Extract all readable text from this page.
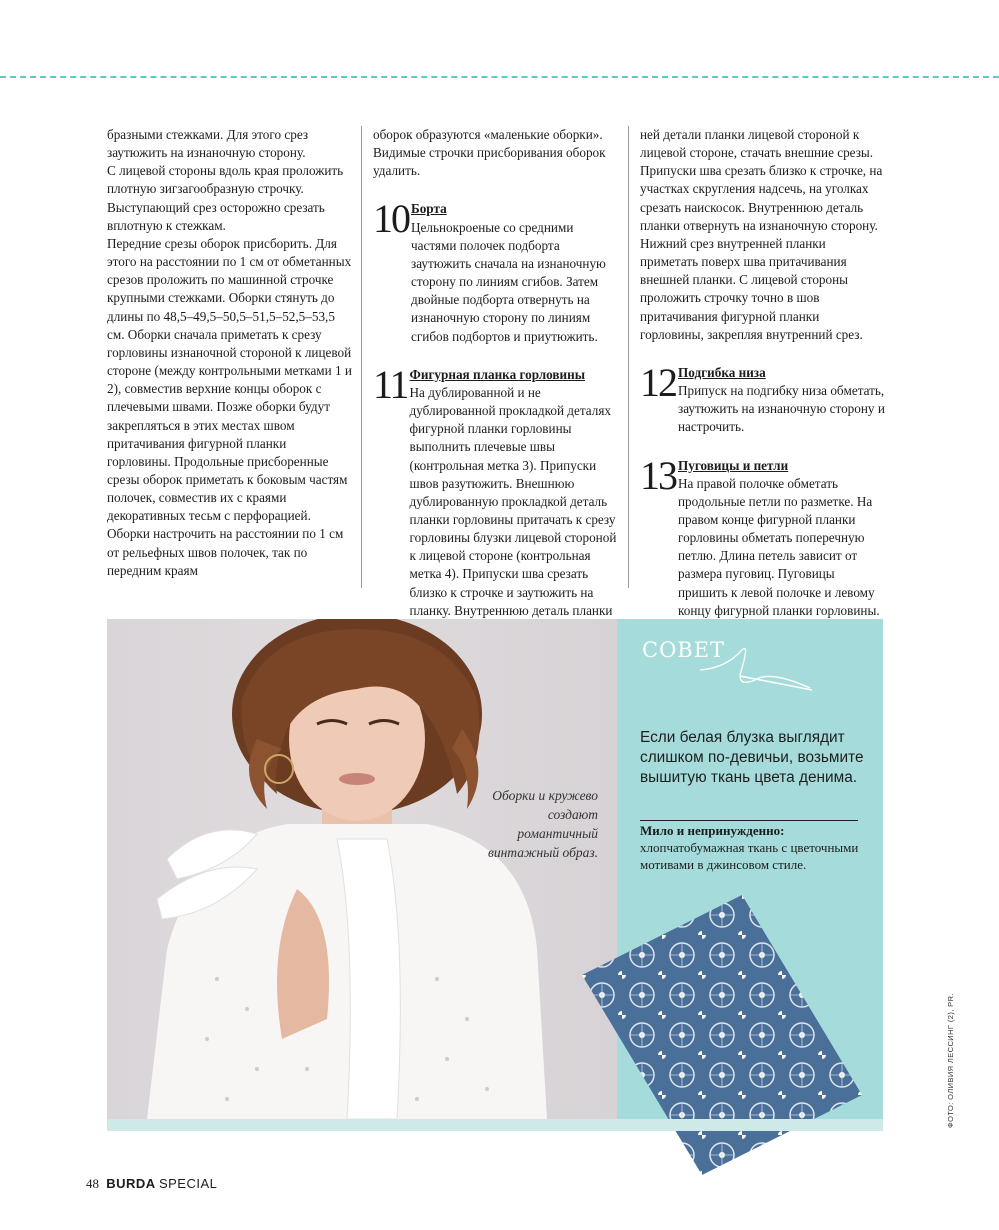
бразными стежками. Для этого срез заутюжить на изнаночную сторону.

С лицевой стороны вдоль края проложить плотную зигзагообразную строчку. Выступающий срез осторожно срезать вплотную к стежкам.

Передние срезы оборок присборить. Для этого на расстоянии по 1 см от обметанных срезов проложить по машинной строчке крупными стежками. Оборки стянуть до длины по 48,5–49,5–50,5–51,5–52,5–53,5 см. Оборки сначала приметать к срезу горловины изнаночной стороной к лицевой стороне (между контрольными метками 1 и 2), совместив верхние концы оборок с плечевыми швами. Позже оборки будут закрепляться в этих местах швом притачивания фигурной планки горловины. Продольные присборенные срезы оборок приметать к боковым частям полочек, совместив их с краями декоративных тесьм с перфорацией. Оборки настрочить на расстоянии по 1 см от рельефных швов полочек, так по передним краям

оборок образуются «маленькие оборки». Видимые строчки присборивания оборок удалить.

10 Борта
Цельнокроеные со средними частями полочек подборта заутюжить сначала на изнаночную сторону по линиям сгибов. Затем двойные подборта отвернуть на изнаночную сторону по линиям сгибов подбортов и приутюжить.
11 Фигурная планка горловины
На дублированной и не дублированной прокладкой деталях фигурной планки горловины выполнить плечевые швы (контрольная метка 3). Припуски швов разутюжить. Внешнюю дублированную прокладкой деталь планки горловины притачать к срезу горловины блузки лицевой стороной к лицевой стороне (контрольная метка 4). Припуски шва срезать близко к строчке и заутюжить на планку. Внутреннюю деталь планки

ней детали планки лицевой стороной к лицевой стороне, стачать внешние срезы. Припуски шва срезать близко к строчке, на участках скругления надсечь, на уголках срезать наискосок. Внутреннюю деталь планки отвернуть на изнаночную сторону. Нижний срез внутренней планки приметать поверх шва притачивания внешней планки. С лицевой стороны проложить строчку точно в шов притачивания фигурной планки горловины, закрепляя внутренний срез.

12 Подгибка низа
Припуск на подгибку низа обметать, заутюжить на изнаночную сторону и настрочить.
13 Пуговицы и петли
На правой полочке обметать продольные петли по разметке. На правом конце фигурной планки горловины обметать поперечную петлю. Длина петель зависит от размера пуговиц. Пуговицы пришить к левой полочке и левому концу фигурной планки горловины.
Оборки и кружево создают романтичный винтажный образ.
СОВЕТ
Если белая блузка выглядит слишком по-девичьи, возьмите вышитую ткань цвета денима.
Мило и непринужденно:
хлопчатобумажная ткань с цветочными мотивами в джинсовом стиле.
48 BURDA SPECIAL
ФОТО: ОЛИВИЯ ЛЕССИНГ (2), PR.
